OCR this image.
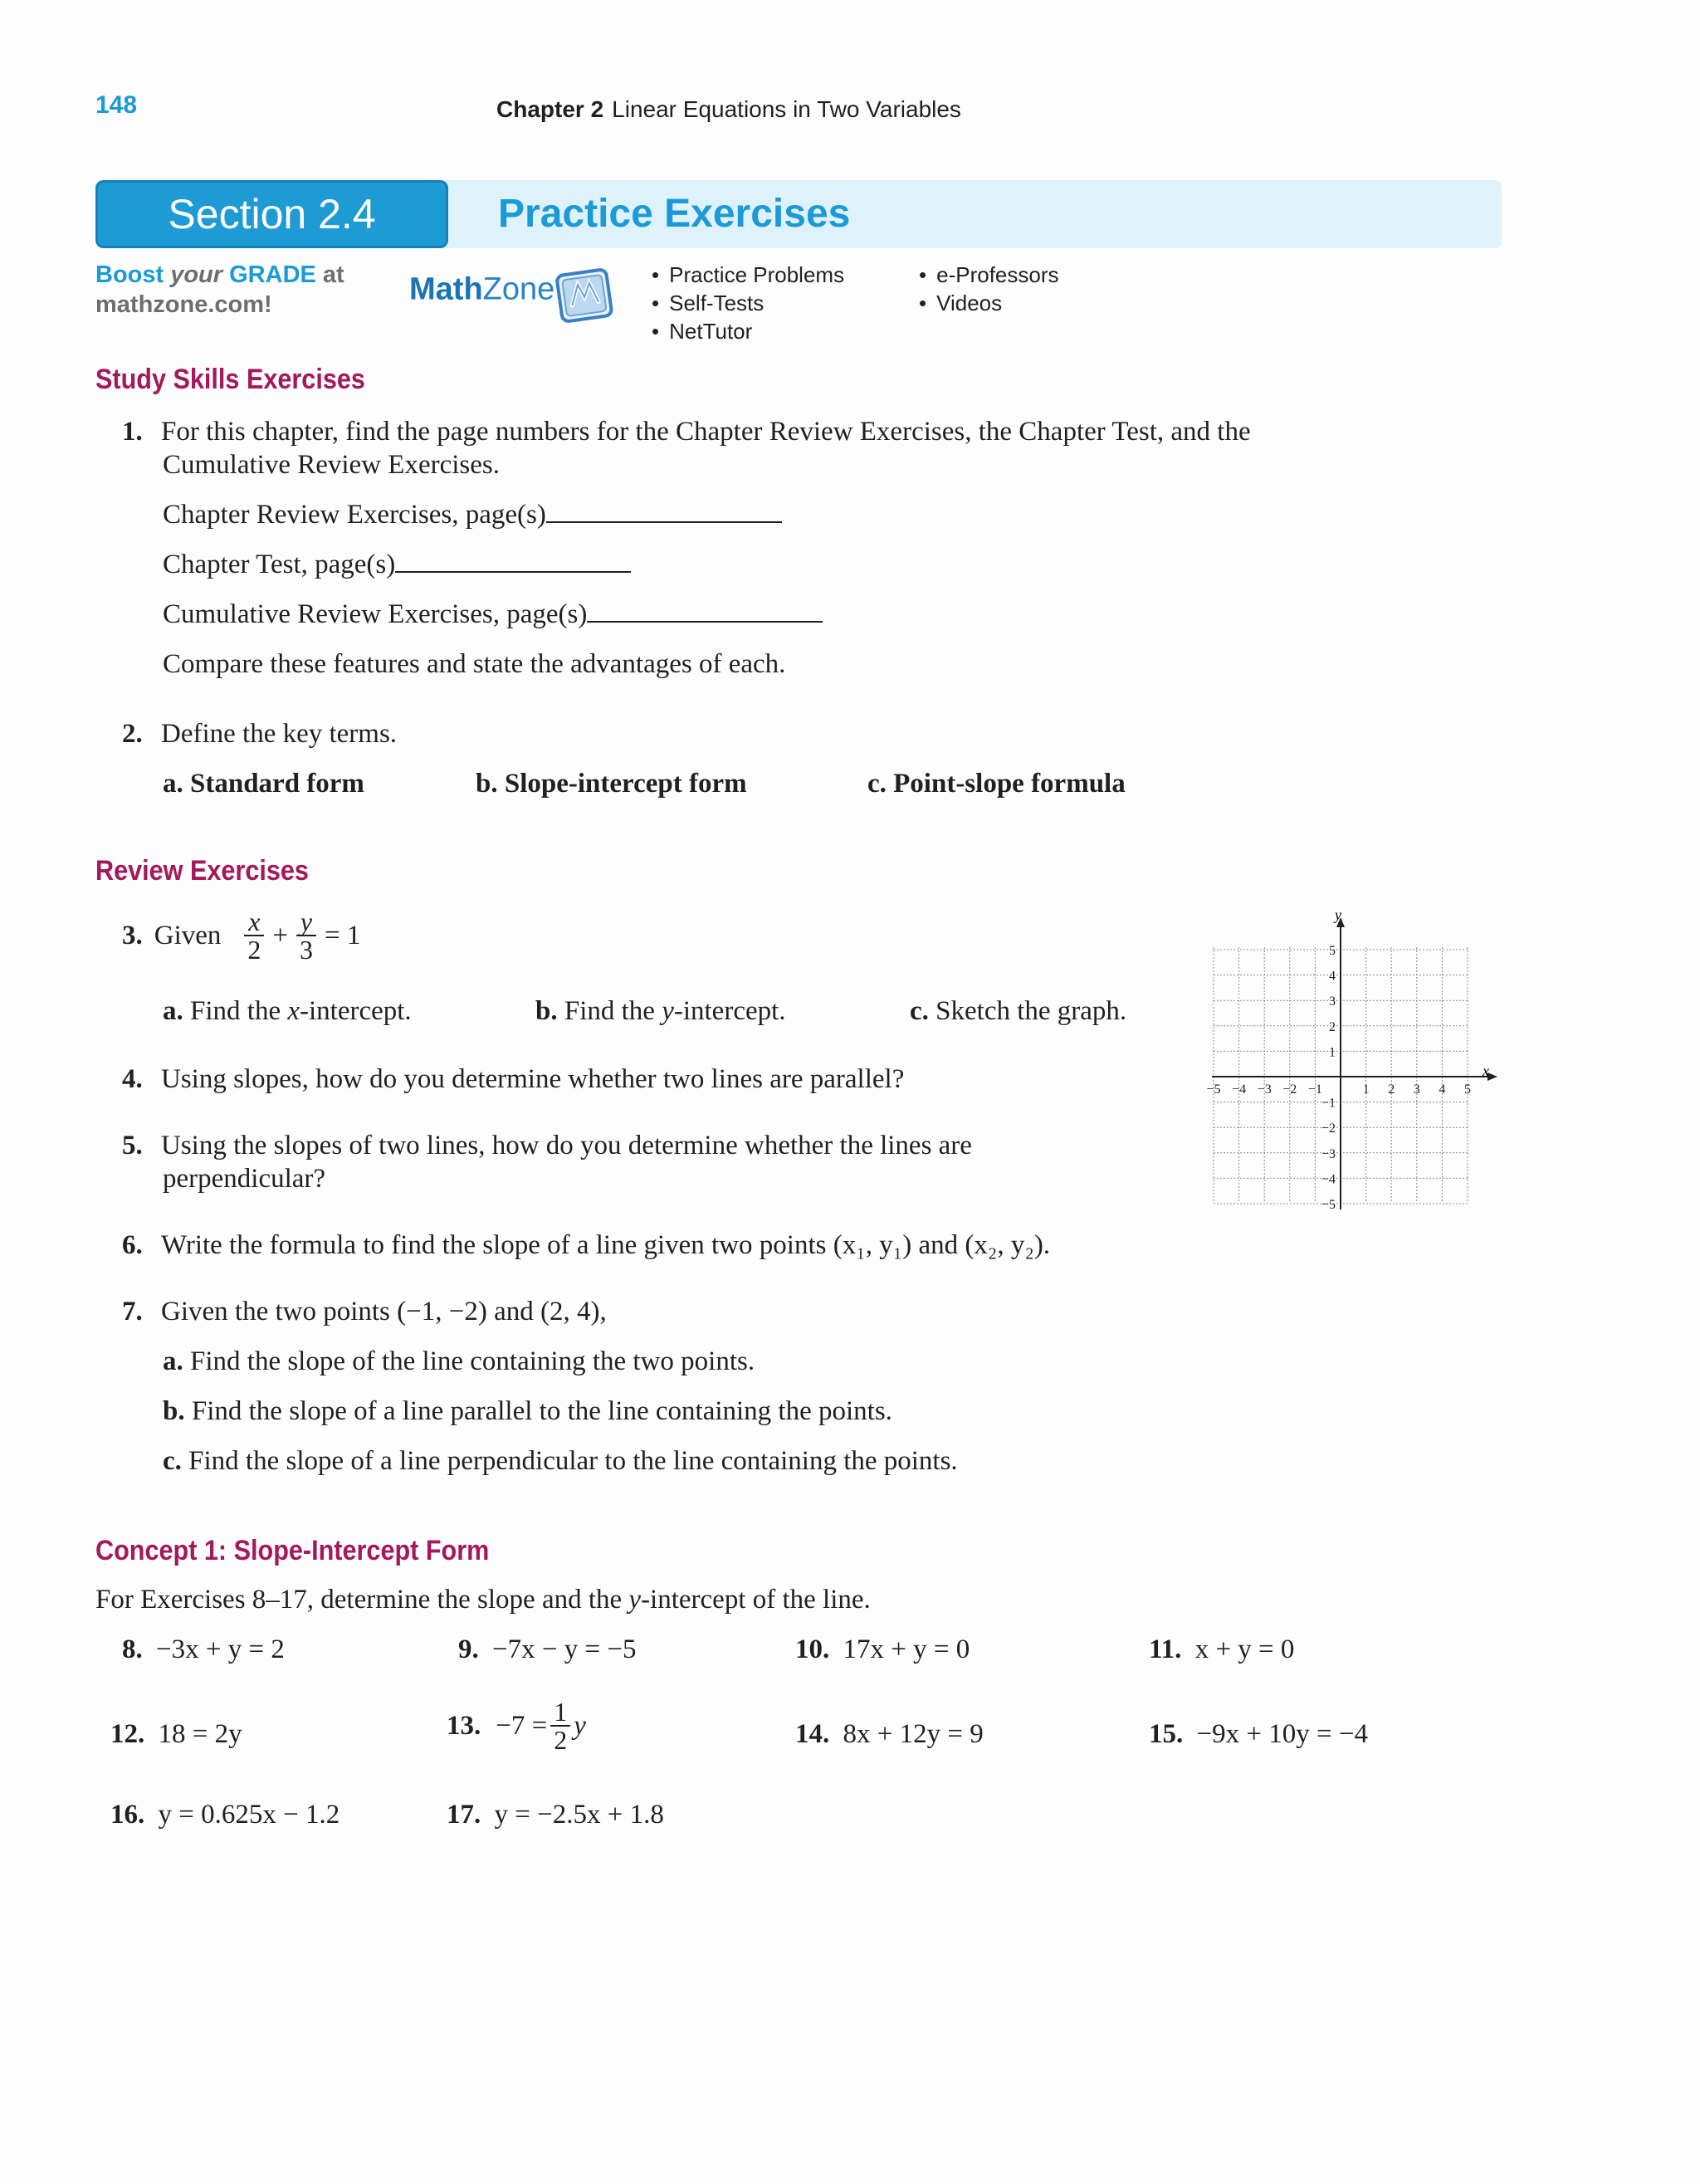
148	Chapter 2 Linear Equations in Two Variables
Section 2.4	Practice Exercises
Boost your GRADE at
mathzone.com!	MathZone
•	Practice Problems
• Self-Tests
• NetTutor
• e-Professors
• Videos
Study Skills Exercises
1. For this chapter, find the page numbers for the Chapter Review Exercises, the Chapter Test, and the
Cumulative Review Exercises.
Chapter Review Exercises, page(s)
Chapter Test, page(s)
Cumulative Review Exercises, page(s)
Compare these features and state the advantages of each.
2. Define the key terms.
a. Standard form	b. Slope-intercept form	c. Point-slope formula
Review Exercises
3. Given $\frac{x}{2} + \frac{y}{3} = 1$
a. Find the x-intercept.	b. Find the y-intercept.	c. Sketch the graph.
4. Using slopes, how do you determine whether two lines are parallel?
5. Using the slopes of two lines, how do you determine whether the lines are
perpendicular?
6. Write the formula to find the slope of a line given two points (x₁, y₁) and (x₂, y₂).
7. Given the two points (−1, −2) and (2, 4),
a. Find the slope of the line containing the two points.
b. Find the slope of a line parallel to the line containing the points.
c. Find the slope of a line perpendicular to the line containing the points.
x
y
−5 −4 −3 −2 −1	1 2 3 4 5
5
4
3
2
1
−1
−2
−3
−4
−5
Concept 1: Slope-Intercept Form
For Exercises 8–17, determine the slope and the y-intercept of the line.
8. −3x + y = 2	9. −7x − y = −5	10. 17x + y = 0	11. x + y = 0
12. 18 = 2y	13. $-7 = \frac{1}{2}$ y	14. 8x + 12y = 9	15. −9x + 10y = −4
16. y = 0.625x − 1.2	17. y = −2.5x + 1.8
